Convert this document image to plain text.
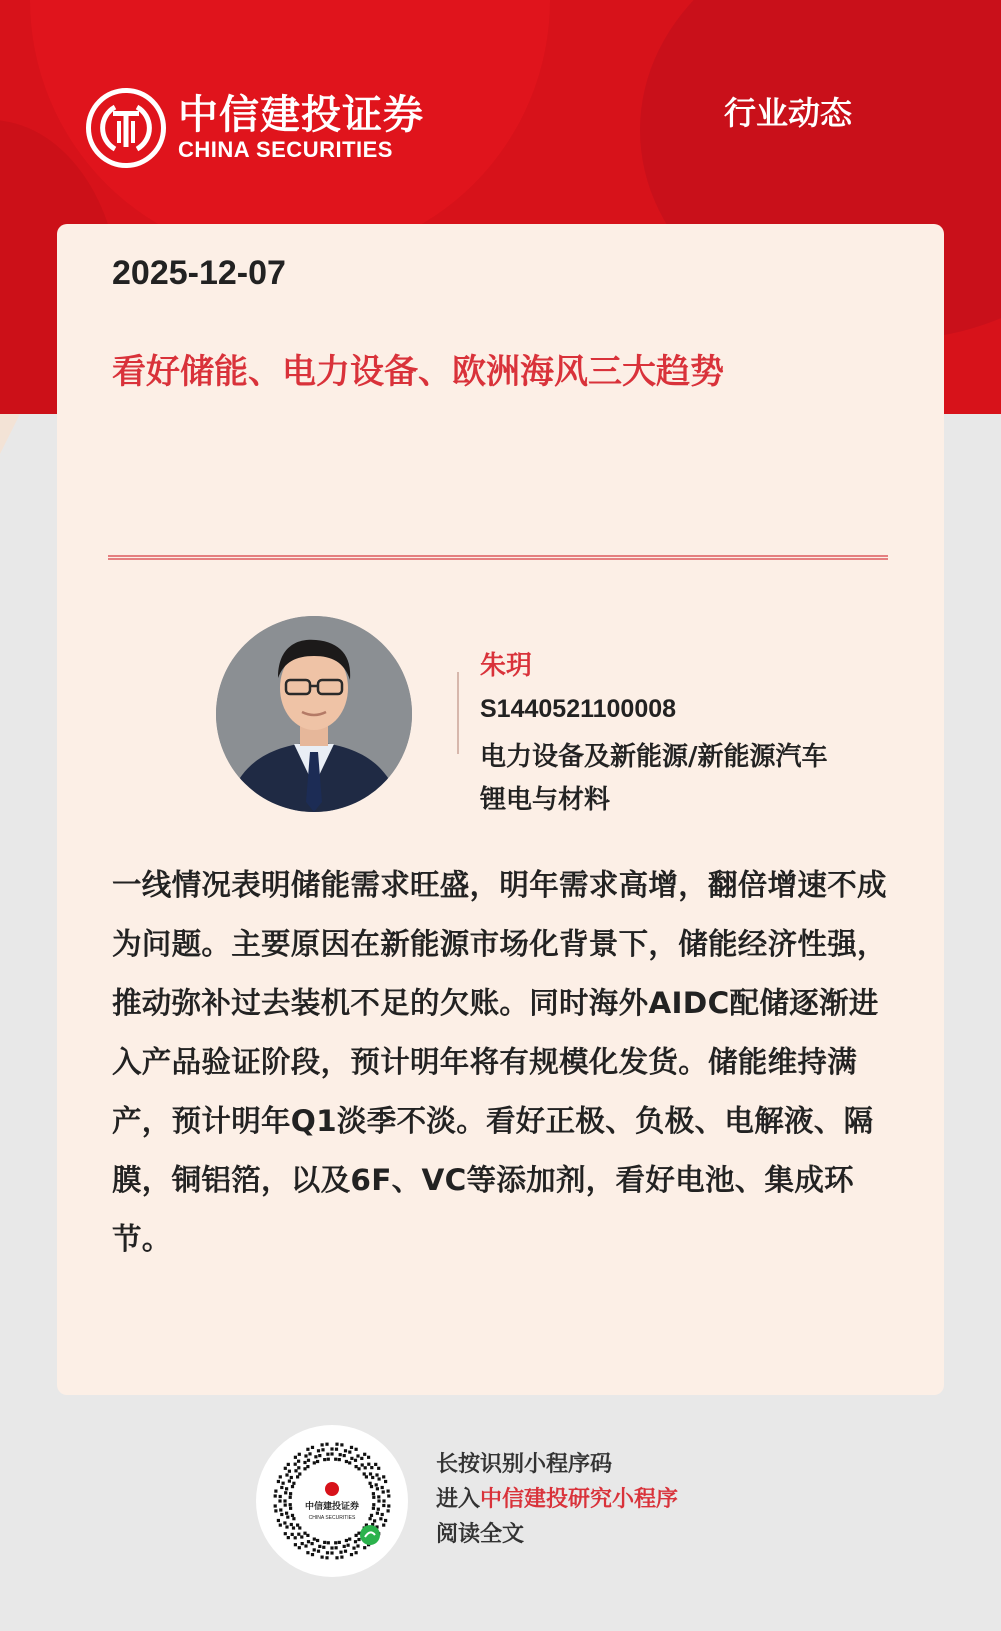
中信建投证券
CHINA SECURITIES
行业动态
2025-12-07
看好储能、电力设备、欧洲海风三大趋势
朱玥
S1440521100008
电力设备及新能源/新能源汽车锂电与材料
一线情况表明储能需求旺盛，明年需求高增，翻倍增速不成为问题。主要原因在新能源市场化背景下，储能经济性强，推动弥补过去装机不足的欠账。同时海外AIDC配储逐渐进入产品验证阶段，预计明年将有规模化发货。储能维持满产，预计明年Q1淡季不淡。看好正极、负极、电解液、隔膜，铜铝箔，以及6F、VC等添加剂，看好电池、集成环节。
中信建投证券
CHINA SECURITIES
长按识别小程序码
进入中信建投研究小程序
阅读全文
